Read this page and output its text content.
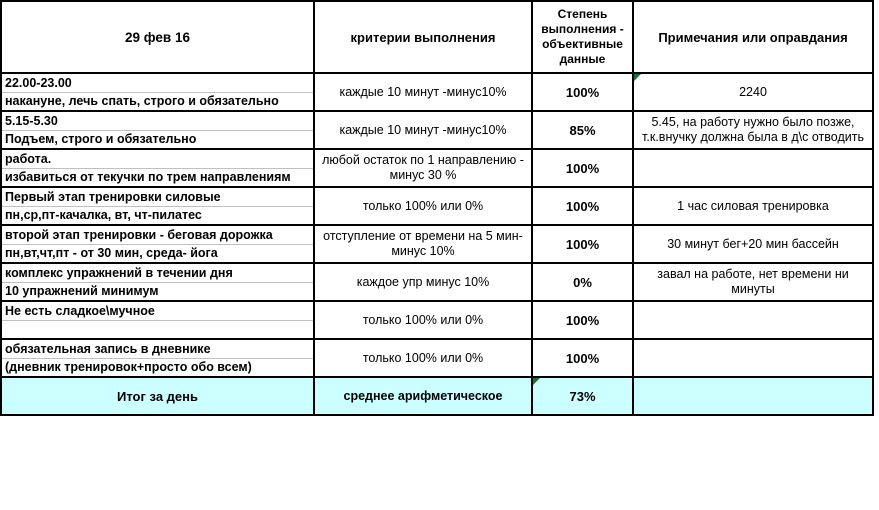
29 фев 16	критерии выполнения	Степень выполнения - объективные данные	Примечания или оправдания

22.00-23.00
накануне, лечь спать, строго и обязательно	каждые 10 минут -минус10%	100%	2240

5.15-5.30
Подъем, строго и обязательно	каждые 10 минут -минус10%	85%	5.45, на работу нужно было позже, т.к.внучку должна была в д\с отводить

работа.
избавиться от текучки по трем направлениям	любой остаток по 1 направлению - минус 30 %	100%	

Первый этап тренировки силовые
пн,ср,пт-качалка, вт, чт-пилатес	только 100% или 0%	100%	1 час силовая тренировка

второй этап тренировки - беговая дорожка
пн,вт,чт,пт - от 30 мин, среда- йога	отступление от времени на 5 мин- минус 10%	100%	30 минут бег+20 мин бассейн

комплекс упражнений в течении дня
10 упражнений минимум	каждое упр минус 10%	0%	завал на работе, нет времени ни минуты

Не есть сладкое\мучное	только 100% или 0%	100%	

обязательная запись в дневнике
(дневник тренировок+просто обо всем)	только 100% или 0%	100%	
Итог за день	среднее арифметическое	73%	
